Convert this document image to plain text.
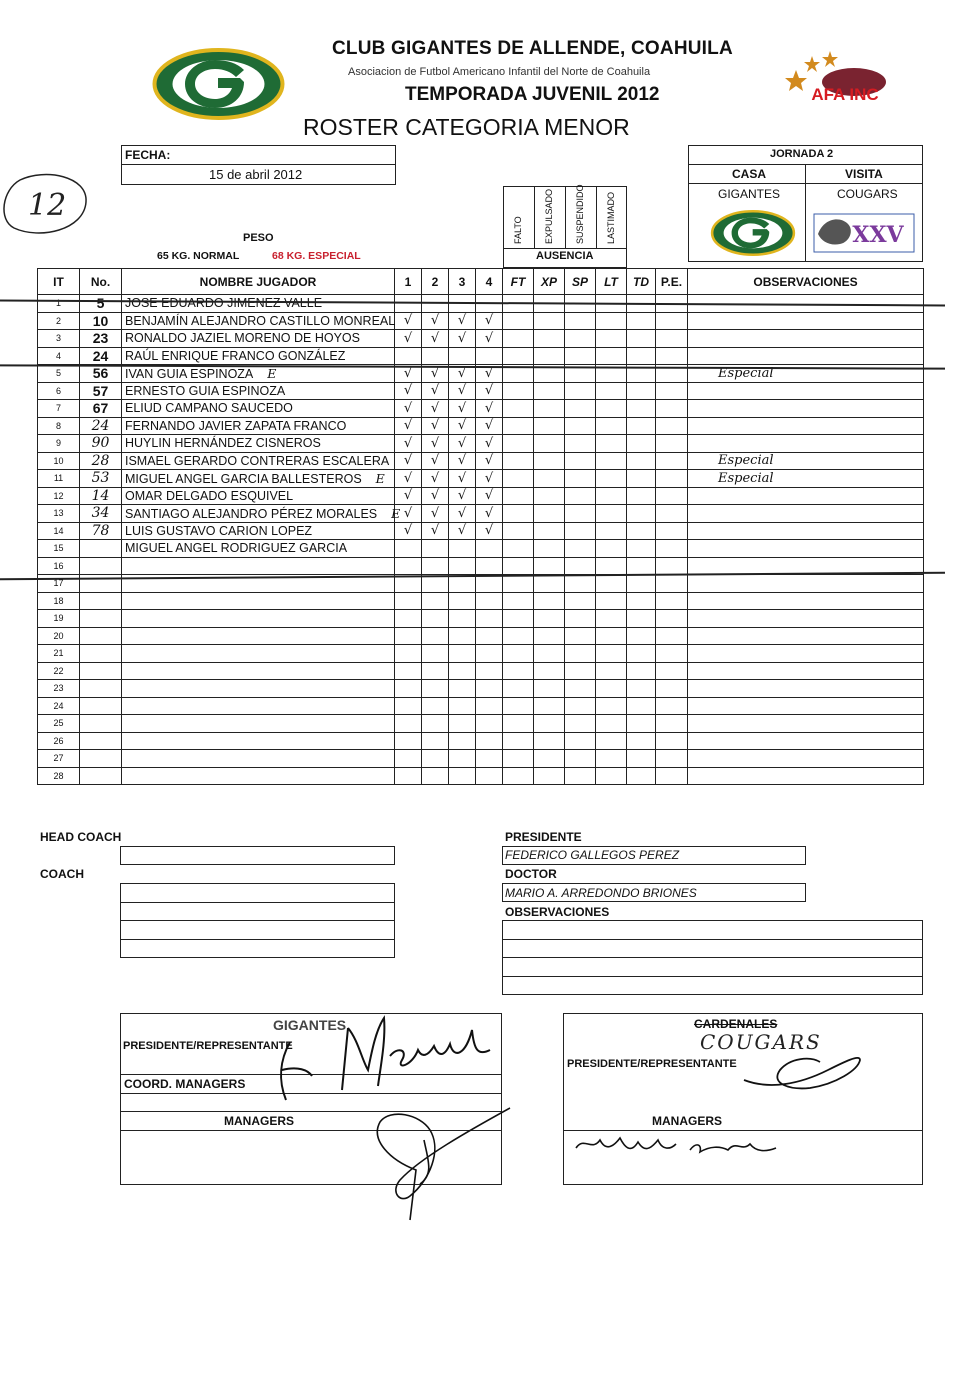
AFA INC
CLUB GIGANTES DE ALLENDE, COAHUILA
Asociacion de Futbol Americano Infantil del Norte de Coahuila
TEMPORADA JUVENIL 2012
ROSTER CATEGORIA MENOR
12
FECHA:
15 de abril 2012
JORNADA 2
CASA	VISITA
GIGANTES	COUGARS
XXV
FALTO EXPULSADO SUSPENDIDO LASTIMADO
AUSENCIA
PESO
65 KG. NORMAL	68 KG. ESPECIAL
IT	No.	NOMBRE JUGADOR	1	2	3	4	FT	XP	SP	LT	TD	P.E.	OBSERVACIONES
1	5	JOSE EDUARDO JIMENEZ VALLE											
2	10	BENJAMÍN ALEJANDRO CASTILLO MONREAL	√	√	√	√							
3	23	RONALDO JAZIEL MORENO DE HOYOS	√	√	√	√							
4	24	RAÚL ENRIQUE FRANCO GONZÁLEZ											
5	56	IVAN GUIA ESPINOZA E	√	√	√	√							Especial
6	57	ERNESTO GUIA ESPINOZA	√	√	√	√							
7	67	ELIUD CAMPANO SAUCEDO	√	√	√	√							
8	24	FERNANDO JAVIER ZAPATA FRANCO	√	√	√	√							
9	90	HUYLIN HERNÁNDEZ CISNEROS	√	√	√	√							
10	28	ISMAEL GERARDO CONTRERAS ESCALERA	√	√	√	√							Especial
11	53	MIGUEL ANGEL GARCIA BALLESTEROS E	√	√	√	√							Especial
12	14	OMAR DELGADO ESQUIVEL	√	√	√	√							
13	34	SANTIAGO ALEJANDRO PÉREZ MORALES E	√	√	√	√							
14	78	LUIS GUSTAVO CARION LOPEZ	√	√	√	√							
15		MIGUEL ANGEL RODRIGUEZ GARCIA											
16													
17													
18													
19													
20													
21													
22													
23													
24													
25													
26													
27													
28													
HEAD COACH
COACH
PRESIDENTE
FEDERICO GALLEGOS PEREZ
DOCTOR
MARIO A. ARREDONDO BRIONES
OBSERVACIONES
GIGANTES
PRESIDENTE/REPRESENTANTE
COORD. MANAGERS
MANAGERS
CARDENALES
COUGARS
PRESIDENTE/REPRESENTANTE
MANAGERS
